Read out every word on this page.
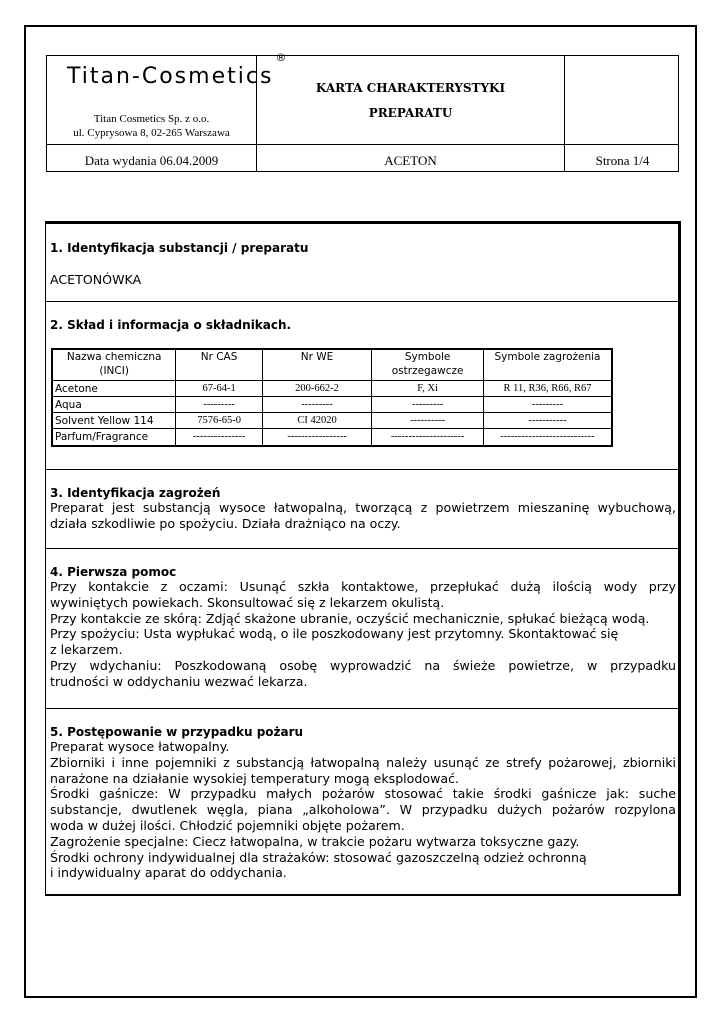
Titan-Cosmetics®
Titan Cosmetics Sp. z o.o.
ul. Cyprysowa 8, 02-265 Warszawa
KARTA CHARAKTERYSTYKI
PREPARATU
Data wydania 06.04.2009	ACETON	Strona 1/4
1. Identyfikacja substancji / preparatu
ACETONÓWKA
2. Skład i informacja o składnikach.
Nazwa chemiczna (INCI)	Nr CAS	Nr WE	Symbole ostrzegawcze	Symbole zagrożenia
Acetone	67-64-1	200-662-2	F, Xi	R 11, R36, R66, R67
Aqua	---------	---------	---------	---------
Solvent Yellow 114	7576-65-0	CI 42020	----------	-----------
Parfum/Fragrance	---------------	-----------------	---------------------	---------------------------
3. Identyfikacja zagrożeń
Preparat jest substancją wysoce łatwopalną, tworzącą z powietrzem mieszaninę wybuchową, działa szkodliwie po spożyciu. Działa drażniąco na oczy.
4. Pierwsza pomoc

Przy kontakcie z oczami: Usunąć szkła kontaktowe, przepłukać dużą ilością wody przy

wywiniętych powiekach. Skonsultować się z lekarzem okulistą.

Przy kontakcie ze skórą: Zdjąć skażone ubranie, oczyścić mechanicznie, spłukać bieżącą wodą.

Przy spożyciu: Usta wypłukać wodą, o ile poszkodowany jest przytomny. Skontaktować się

z lekarzem.

Przy wdychaniu: Poszkodowaną osobę wyprowadzić na świeże powietrze, w przypadku

trudności w oddychaniu wezwać lekarza.

5. Postępowanie w przypadku pożaru

Preparat wysoce łatwopalny.

Zbiorniki i inne pojemniki z substancją łatwopalną należy usunąć ze strefy pożarowej, zbiorniki

narażone na działanie wysokiej temperatury mogą eksplodować.

Środki gaśnicze: W przypadku małych pożarów stosować takie środki gaśnicze jak: suche

substancje, dwutlenek węgla, piana „alkoholowa”. W przypadku dużych pożarów rozpylona

woda w dużej ilości. Chłodzić pojemniki objęte pożarem.

Zagrożenie specjalne: Ciecz łatwopalna, w trakcie pożaru wytwarza toksyczne gazy.

Środki ochrony indywidualnej dla strażaków: stosować gazoszczelną odzież ochronną

i indywidualny aparat do oddychania.
